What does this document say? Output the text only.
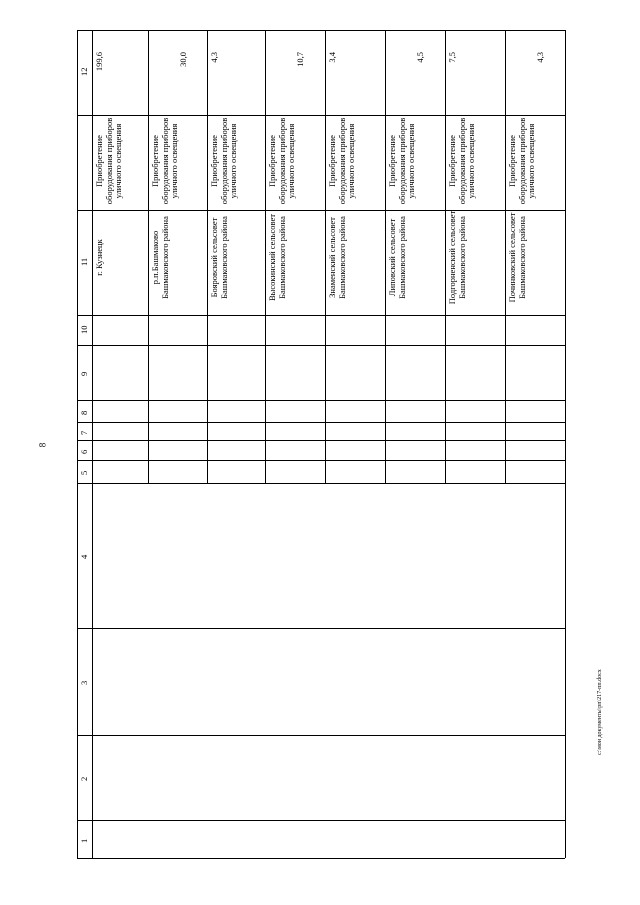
8
c:\мои документы\рп\217-пп.docx
1
2
3
4
5
6
7
8
9
10
11
12
г. Кузнецк
Приобретение оборудования приборов уличного освещения
199,6
р.п.Башмаково Башмаковского района
Приобретение оборудования приборов уличного освещения
30,0
Бояровский сельсовет Башмаковского района
Приобретение оборудования приборов уличного освещения
4,3
Высокинский сельсовет Башмаковского района
Приобретение оборудования приборов уличного освещения
10,7
Знаменский сельсовет Башмаковского района
Приобретение оборудования приборов уличного освещения
3,4
Липовский сельсовет Башмаковского района
Приобретение оборудования приборов уличного освещения
4,5
Подгорненский сельсовет Башмаковского района
Приобретение оборудования приборов уличного освещения
7,5
Починковский сельсовет Башмаковского района
Приобретение оборудования приборов уличного освещения
4,3
